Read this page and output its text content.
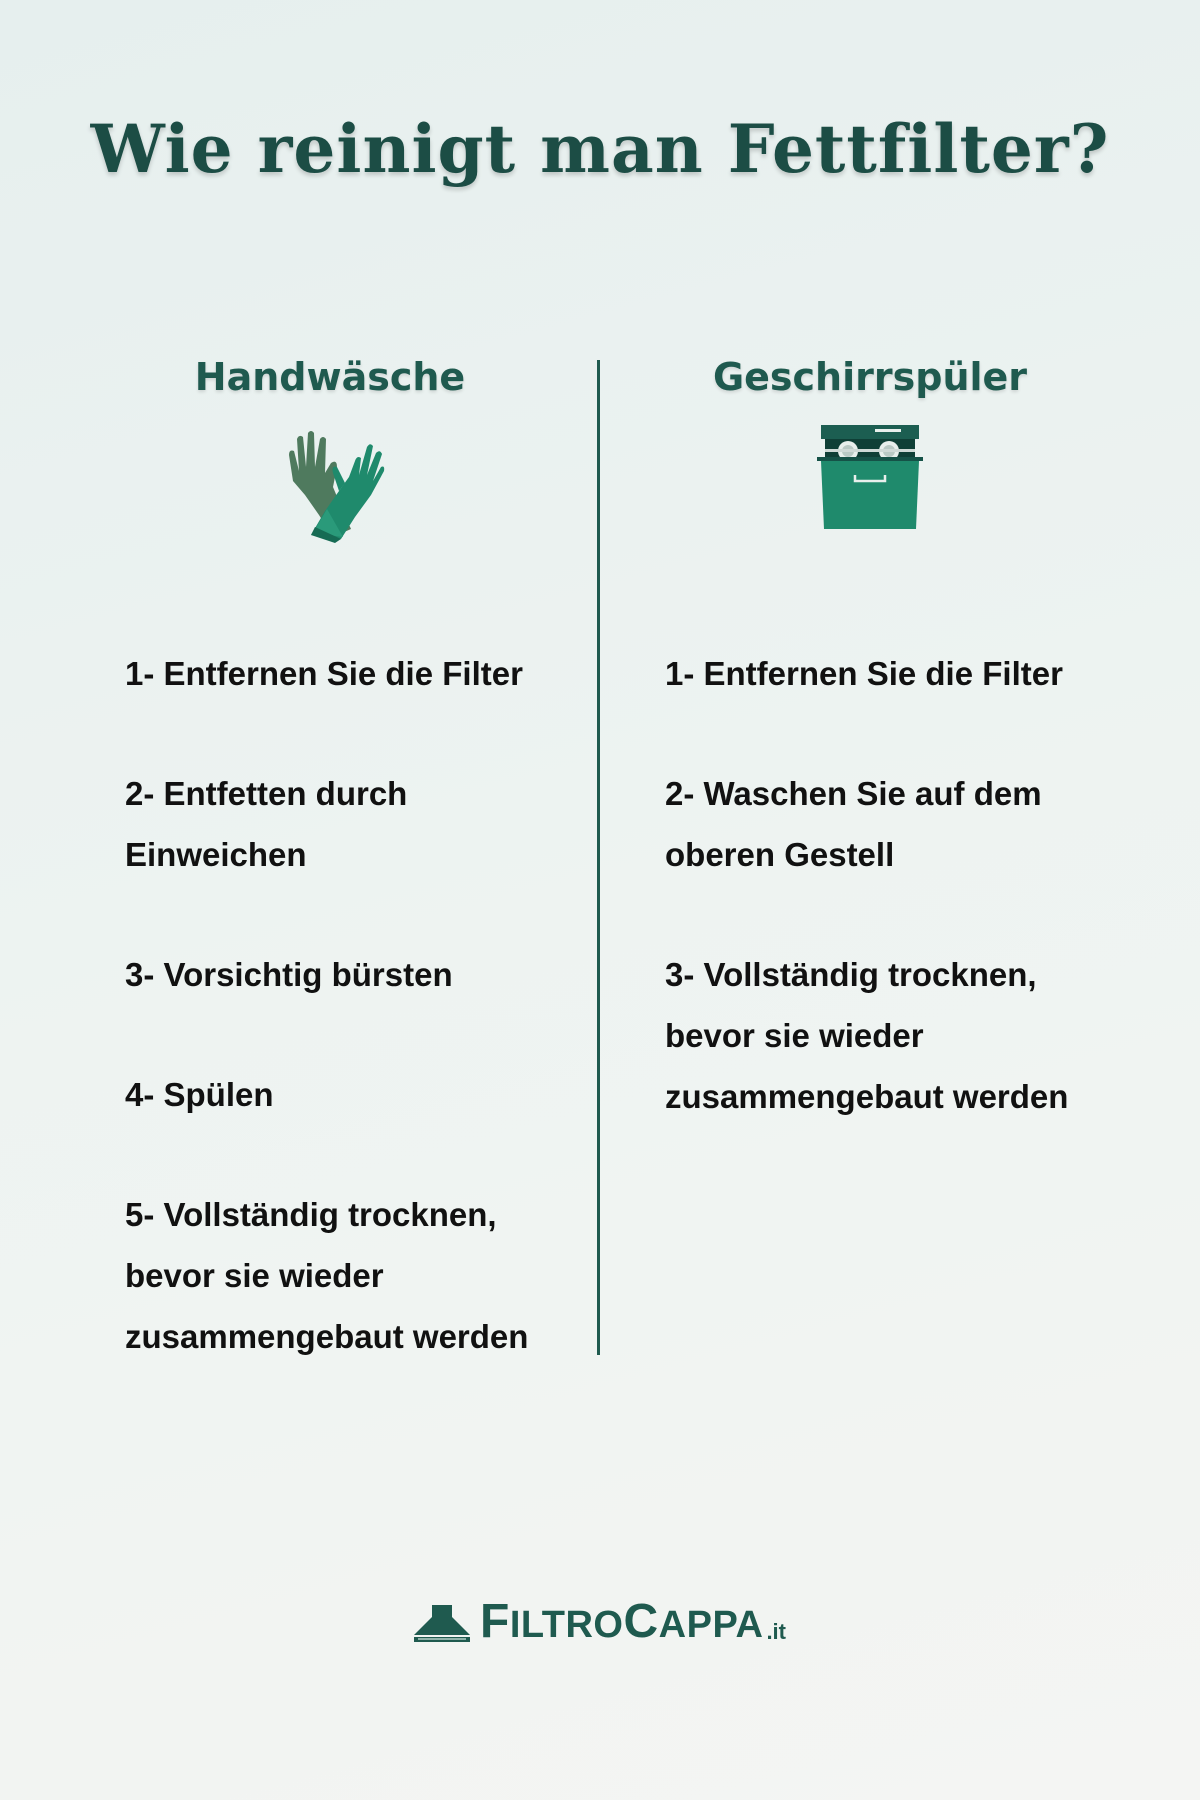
Wie reinigt man Fettfilter?
Handwäsche
1- Entfernen Sie die Filter
2- Entfetten durch Einweichen
3- Vorsichtig bürsten
4- Spülen
5- Vollständig trocknen, bevor sie wieder zusammengebaut werden
Geschirrspüler
1- Entfernen Sie die Filter
2- Waschen Sie auf dem oberen Gestell
3- Vollständig trocknen, bevor sie wieder zusammengebaut werden
FILTROCAPPA .it
